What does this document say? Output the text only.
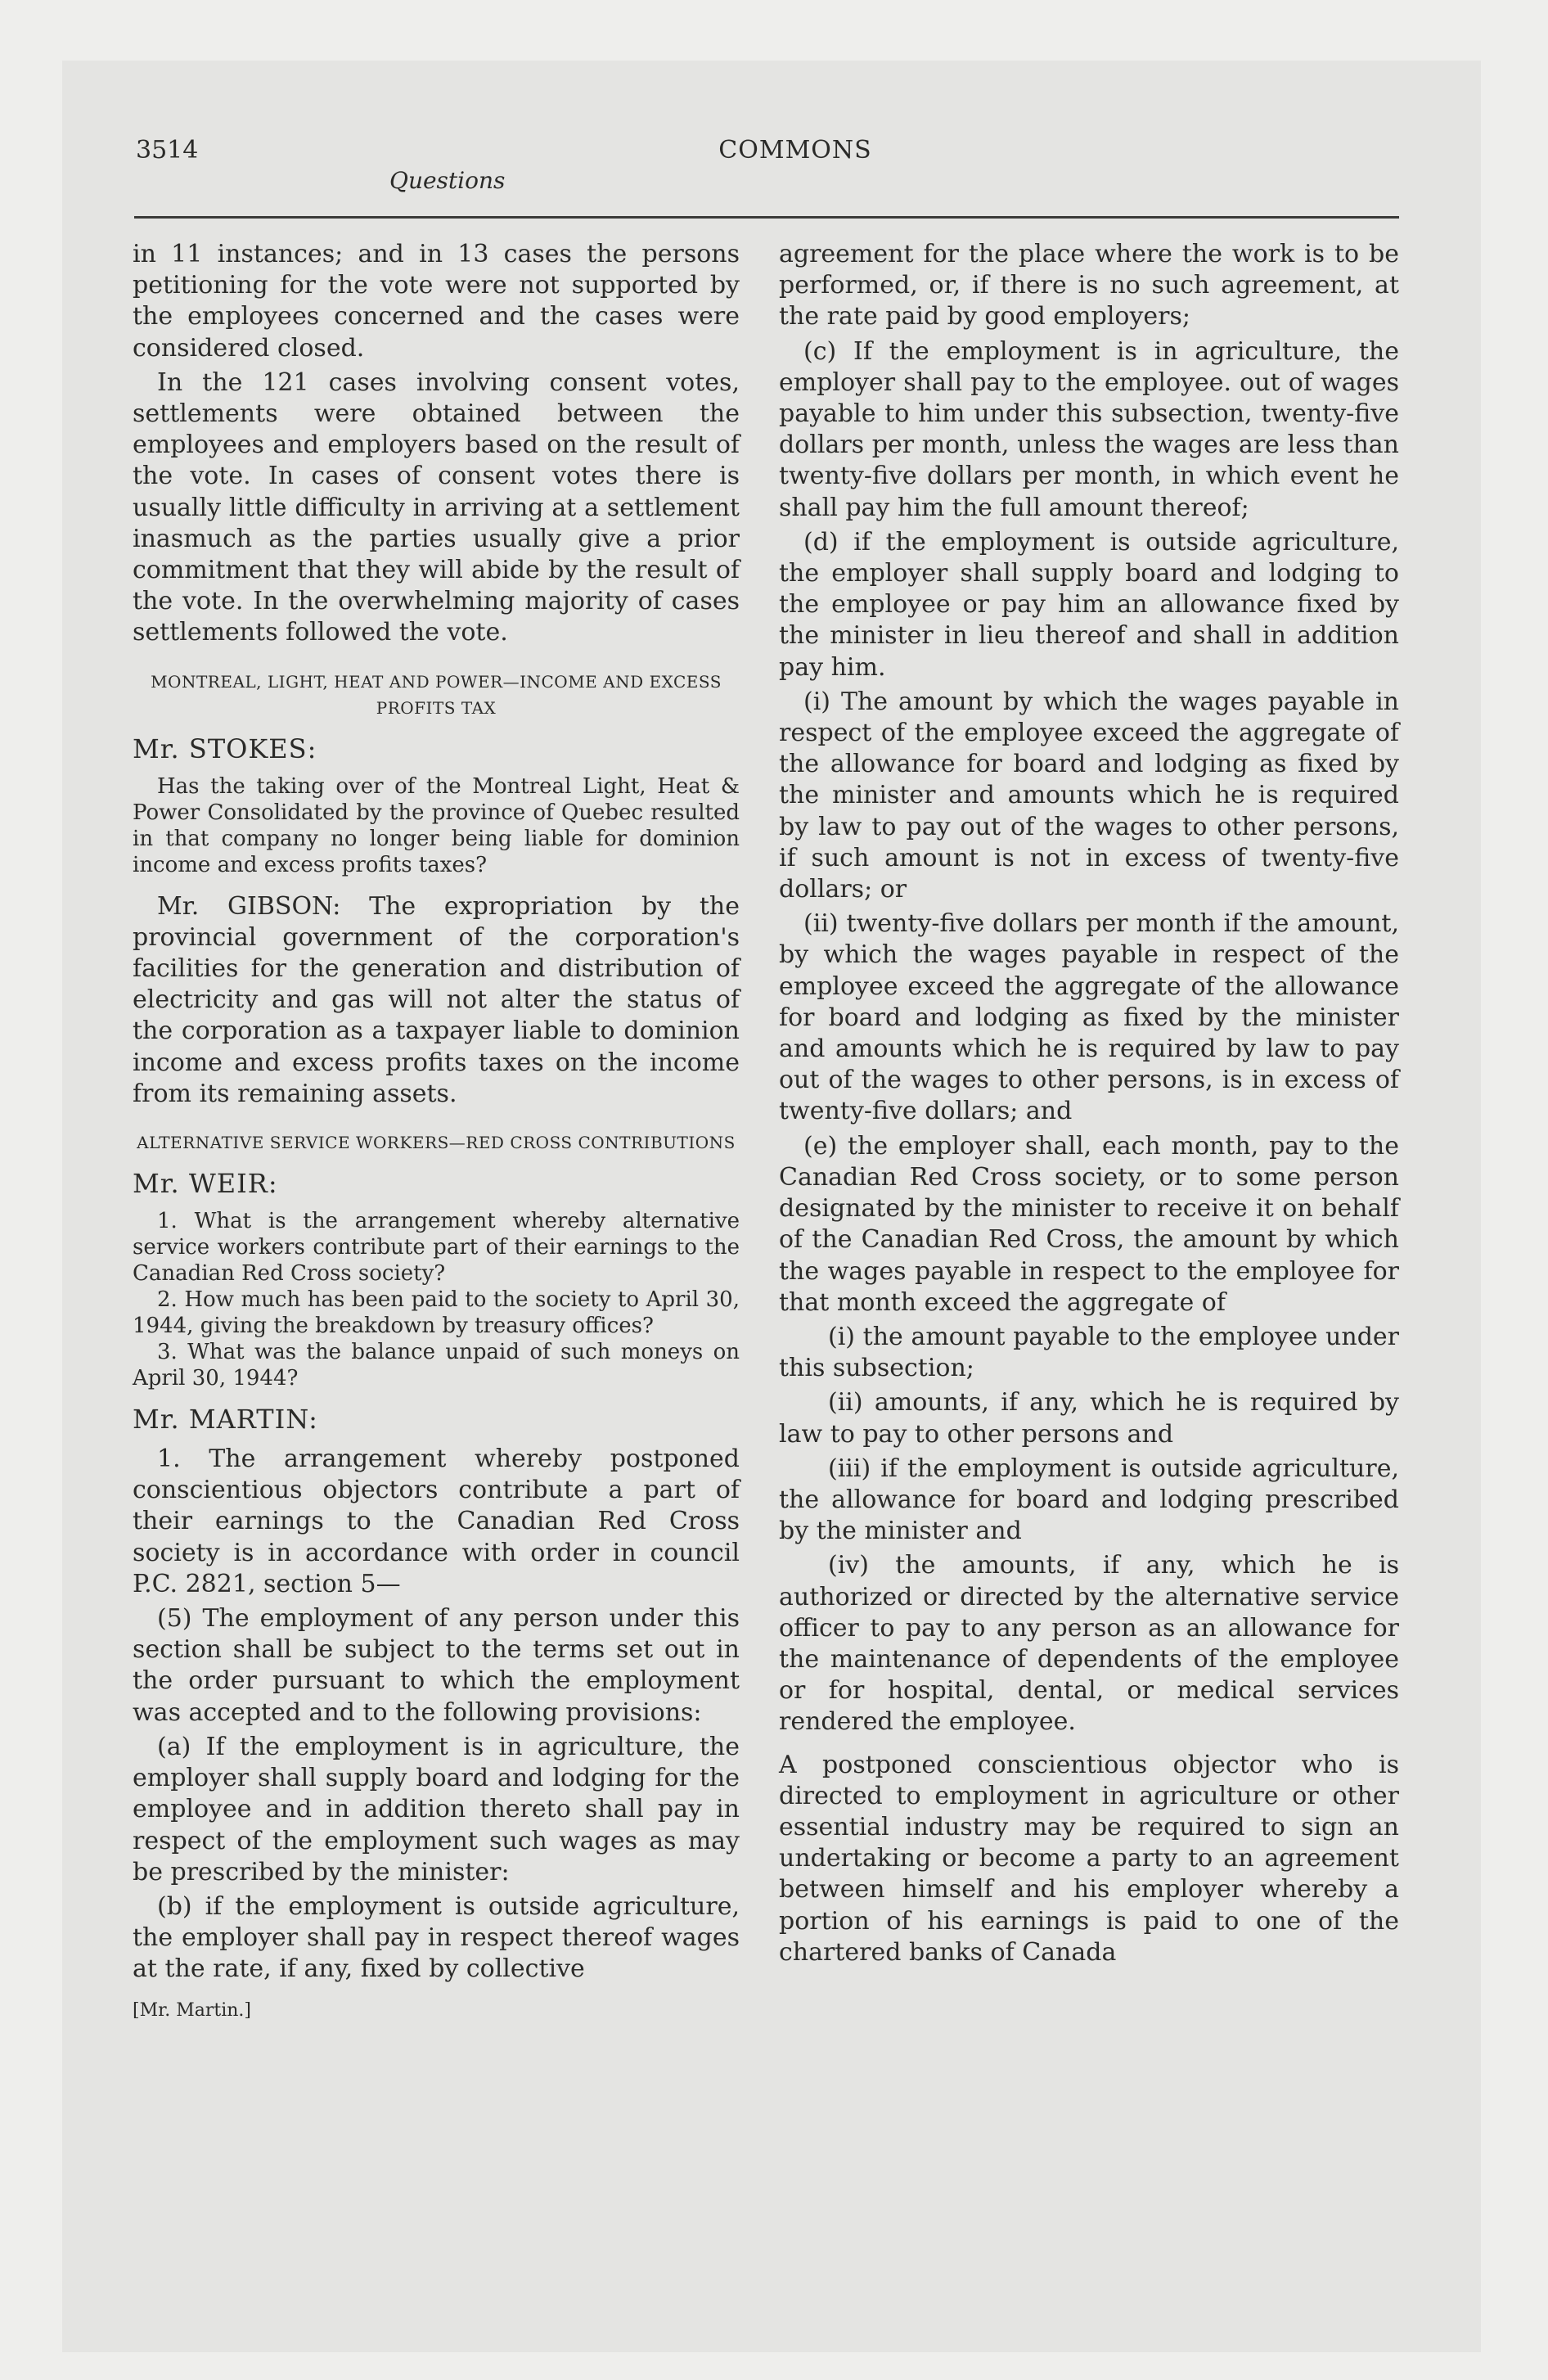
3514	COMMONS
Questions

in 11 instances; and in 13 cases the persons petitioning for the vote were not supported by the employees concerned and the cases were considered closed.

In the 121 cases involving consent votes, settlements were obtained between the employees and employers based on the result of the vote. In cases of consent votes there is usually little difficulty in arriving at a settlement inasmuch as the parties usually give a prior commitment that they will abide by the result of the vote. In the overwhelming majority of cases settlements followed the vote.

MONTREAL, LIGHT, HEAT AND POWER—INCOME AND EXCESS PROFITS TAX
Mr. STOKES:

Has the taking over of the Montreal Light, Heat & Power Consolidated by the province of Quebec resulted in that company no longer being liable for dominion income and excess profits taxes?

Mr. GIBSON: The expropriation by the provincial government of the corporation's facilities for the generation and distribution of electricity and gas will not alter the status of the corporation as a taxpayer liable to dominion income and excess profits taxes on the income from its remaining assets.

ALTERNATIVE SERVICE WORKERS—RED CROSS CONTRIBUTIONS
Mr. WEIR:

1. What is the arrangement whereby alternative service workers contribute part of their earnings to the Canadian Red Cross society?

2. How much has been paid to the society to April 30, 1944, giving the breakdown by treasury offices?

3. What was the balance unpaid of such moneys on April 30, 1944?

Mr. MARTIN:

1. The arrangement whereby postponed conscientious objectors contribute a part of their earnings to the Canadian Red Cross society is in accordance with order in council P.C. 2821, section 5—

(5) The employment of any person under this section shall be subject to the terms set out in the order pursuant to which the employment was accepted and to the following provisions:

(a) If the employment is in agriculture, the employer shall supply board and lodging for the employee and in addition thereto shall pay in respect of the employment such wages as may be prescribed by the minister:

(b) if the employment is outside agriculture, the employer shall pay in respect thereof wages at the rate, if any, fixed by collective

[Mr. Martin.]

agreement for the place where the work is to be performed, or, if there is no such agreement, at the rate paid by good employers;

(c) If the employment is in agriculture, the employer shall pay to the employee. out of wages payable to him under this subsection, twenty-five dollars per month, unless the wages are less than twenty-five dollars per month, in which event he shall pay him the full amount thereof;

(d) if the employment is outside agriculture, the employer shall supply board and lodging to the employee or pay him an allowance fixed by the minister in lieu thereof and shall in addition pay him.

(i) The amount by which the wages payable in respect of the employee exceed the aggregate of the allowance for board and lodging as fixed by the minister and amounts which he is required by law to pay out of the wages to other persons, if such amount is not in excess of twenty-five dollars; or

(ii) twenty-five dollars per month if the amount, by which the wages payable in respect of the employee exceed the aggregate of the allowance for board and lodging as fixed by the minister and amounts which he is required by law to pay out of the wages to other persons, is in excess of twenty-five dollars; and

(e) the employer shall, each month, pay to the Canadian Red Cross society, or to some person designated by the minister to receive it on behalf of the Canadian Red Cross, the amount by which the wages payable in respect to the employee for that month exceed the aggregate of

(i) the amount payable to the employee under this subsection;

(ii) amounts, if any, which he is required by law to pay to other persons and

(iii) if the employment is outside agriculture, the allowance for board and lodging prescribed by the minister and

(iv) the amounts, if any, which he is authorized or directed by the alternative service officer to pay to any person as an allowance for the maintenance of dependents of the employee or for hospital, dental, or medical services rendered the employee.

A postponed conscientious objector who is directed to employment in agriculture or other essential industry may be required to sign an undertaking or become a party to an agreement between himself and his employer whereby a portion of his earnings is paid to one of the chartered banks of Canada
